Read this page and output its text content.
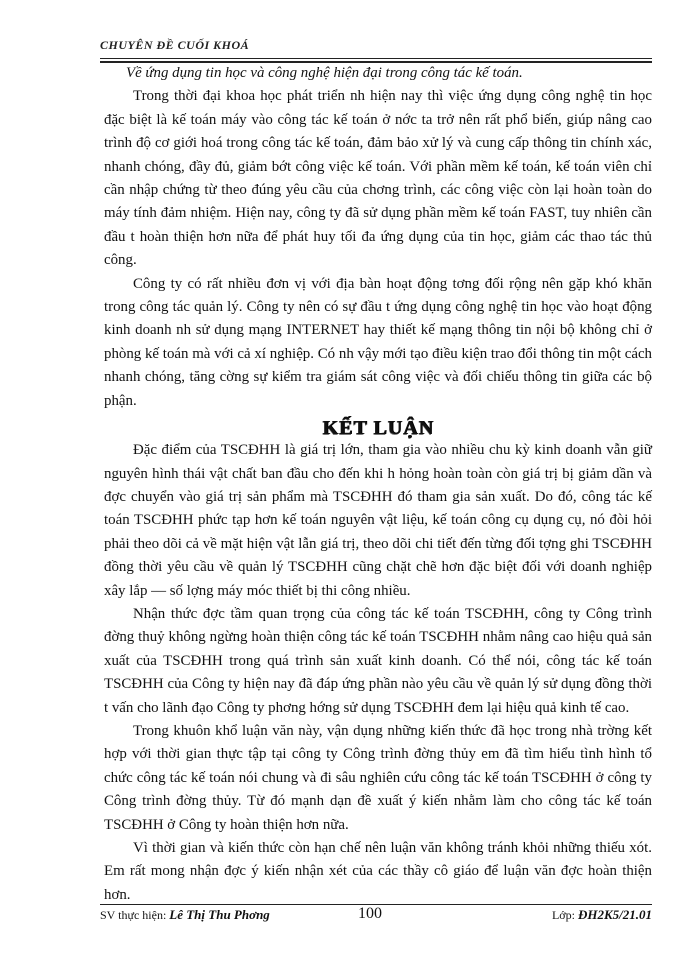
CHUYÊN ĐỀ CUỐI KHOÁ

Về ứng dụng tin học và công nghệ hiện đại trong công tác kế toán.

Trong thời đại khoa học phát triển nh hiện nay thì việc ứng dụng công nghệ tin học đặc biệt là kế toán máy vào công tác kế toán ở nớc ta trở nên rất phổ biến, giúp nâng cao trình độ cơ giới hoá trong công tác kế toán, đảm bảo xử lý và cung cấp thông tin chính xác, nhanh chóng, đầy đủ, giảm bớt công việc kế toán. Với phần mềm kế toán, kế toán viên chỉ cần nhập chứng từ theo đúng yêu cầu của chơng trình, các công việc còn lại hoàn toàn do máy tính đảm nhiệm. Hiện nay, công ty đã sử dụng phần mềm kế toán FAST, tuy nhiên cần đầu t hoàn thiện hơn nữa để phát huy tối đa ứng dụng của tin học, giảm các thao tác thủ công.

Công ty có rất nhiều đơn vị với địa bàn hoạt động tơng đối rộng nên gặp khó khăn trong công tác quản lý. Công ty nên có sự đầu t ứng dụng công nghệ tin học vào hoạt động kinh doanh nh sử dụng mạng INTERNET hay thiết kế mạng thông tin nội bộ không chỉ ở phòng kế toán mà với cả xí nghiệp. Có nh vậy mới tạo điều kiện trao đổi thông tin một cách nhanh chóng, tăng cờng sự kiểm tra giám sát công việc và đối chiếu thông tin giữa các bộ phận.

KẾT LUẬN

Đặc điểm của TSCĐHH là giá trị lớn, tham gia vào nhiều chu kỳ kinh doanh vẫn giữ nguyên hình thái vật chất ban đầu cho đến khi h hỏng hoàn toàn còn giá trị bị giảm dần và đợc chuyển vào giá trị sản phẩm mà TSCĐHH đó tham gia sản xuất. Do đó, công tác kế toán TSCĐHH phức tạp hơn kế toán nguyên vật liệu, kế toán công cụ dụng cụ, nó đòi hỏi phải theo dõi cả về mặt hiện vật lẫn giá trị, theo dõi chi tiết đến từng đối tợng ghi TSCĐHH đồng thời yêu cầu về quản lý TSCĐHH cũng chặt chẽ hơn đặc biệt đối với doanh nghiệp xây lắp — số lợng máy móc thiết bị thi công nhiều.

Nhận thức đợc tầm quan trọng của công tác kế toán TSCĐHH, công ty Công trình đờng thuỷ không ngừng hoàn thiện công tác kế toán TSCĐHH nhằm nâng cao hiệu quả sản xuất của TSCĐHH trong quá trình sản xuất kinh doanh. Có thể nói, công tác kế toán TSCĐHH của Công ty hiện nay đã đáp ứng phần nào yêu cầu về quản lý sử dụng đồng thời t vấn cho lãnh đạo Công ty phơng hớng sử dụng TSCĐHH đem lại hiệu quả kinh tế cao.

Trong khuôn khổ luận văn này, vận dụng những kiến thức đã học trong nhà trờng kết hợp với thời gian thực tập tại công ty Công trình đờng thủy em đã tìm hiểu tình hình tổ chức công tác kế toán nói chung và đi sâu nghiên cứu công tác kế toán TSCĐHH ở công ty Công trình đờng thủy. Từ đó mạnh dạn đề xuất ý kiến nhằm làm cho công tác kế toán TSCĐHH ở Công ty hoàn thiện hơn nữa.

Vì thời gian và kiến thức còn hạn chế nên luận văn không tránh khỏi những thiếu xót. Em rất mong nhận đợc ý kiến nhận xét của các thầy cô giáo để luận văn đợc hoàn thiện hơn.

SV thực hiện: Lê Thị Thu Phơng	100	Lớp: ĐH2K5/21.01
